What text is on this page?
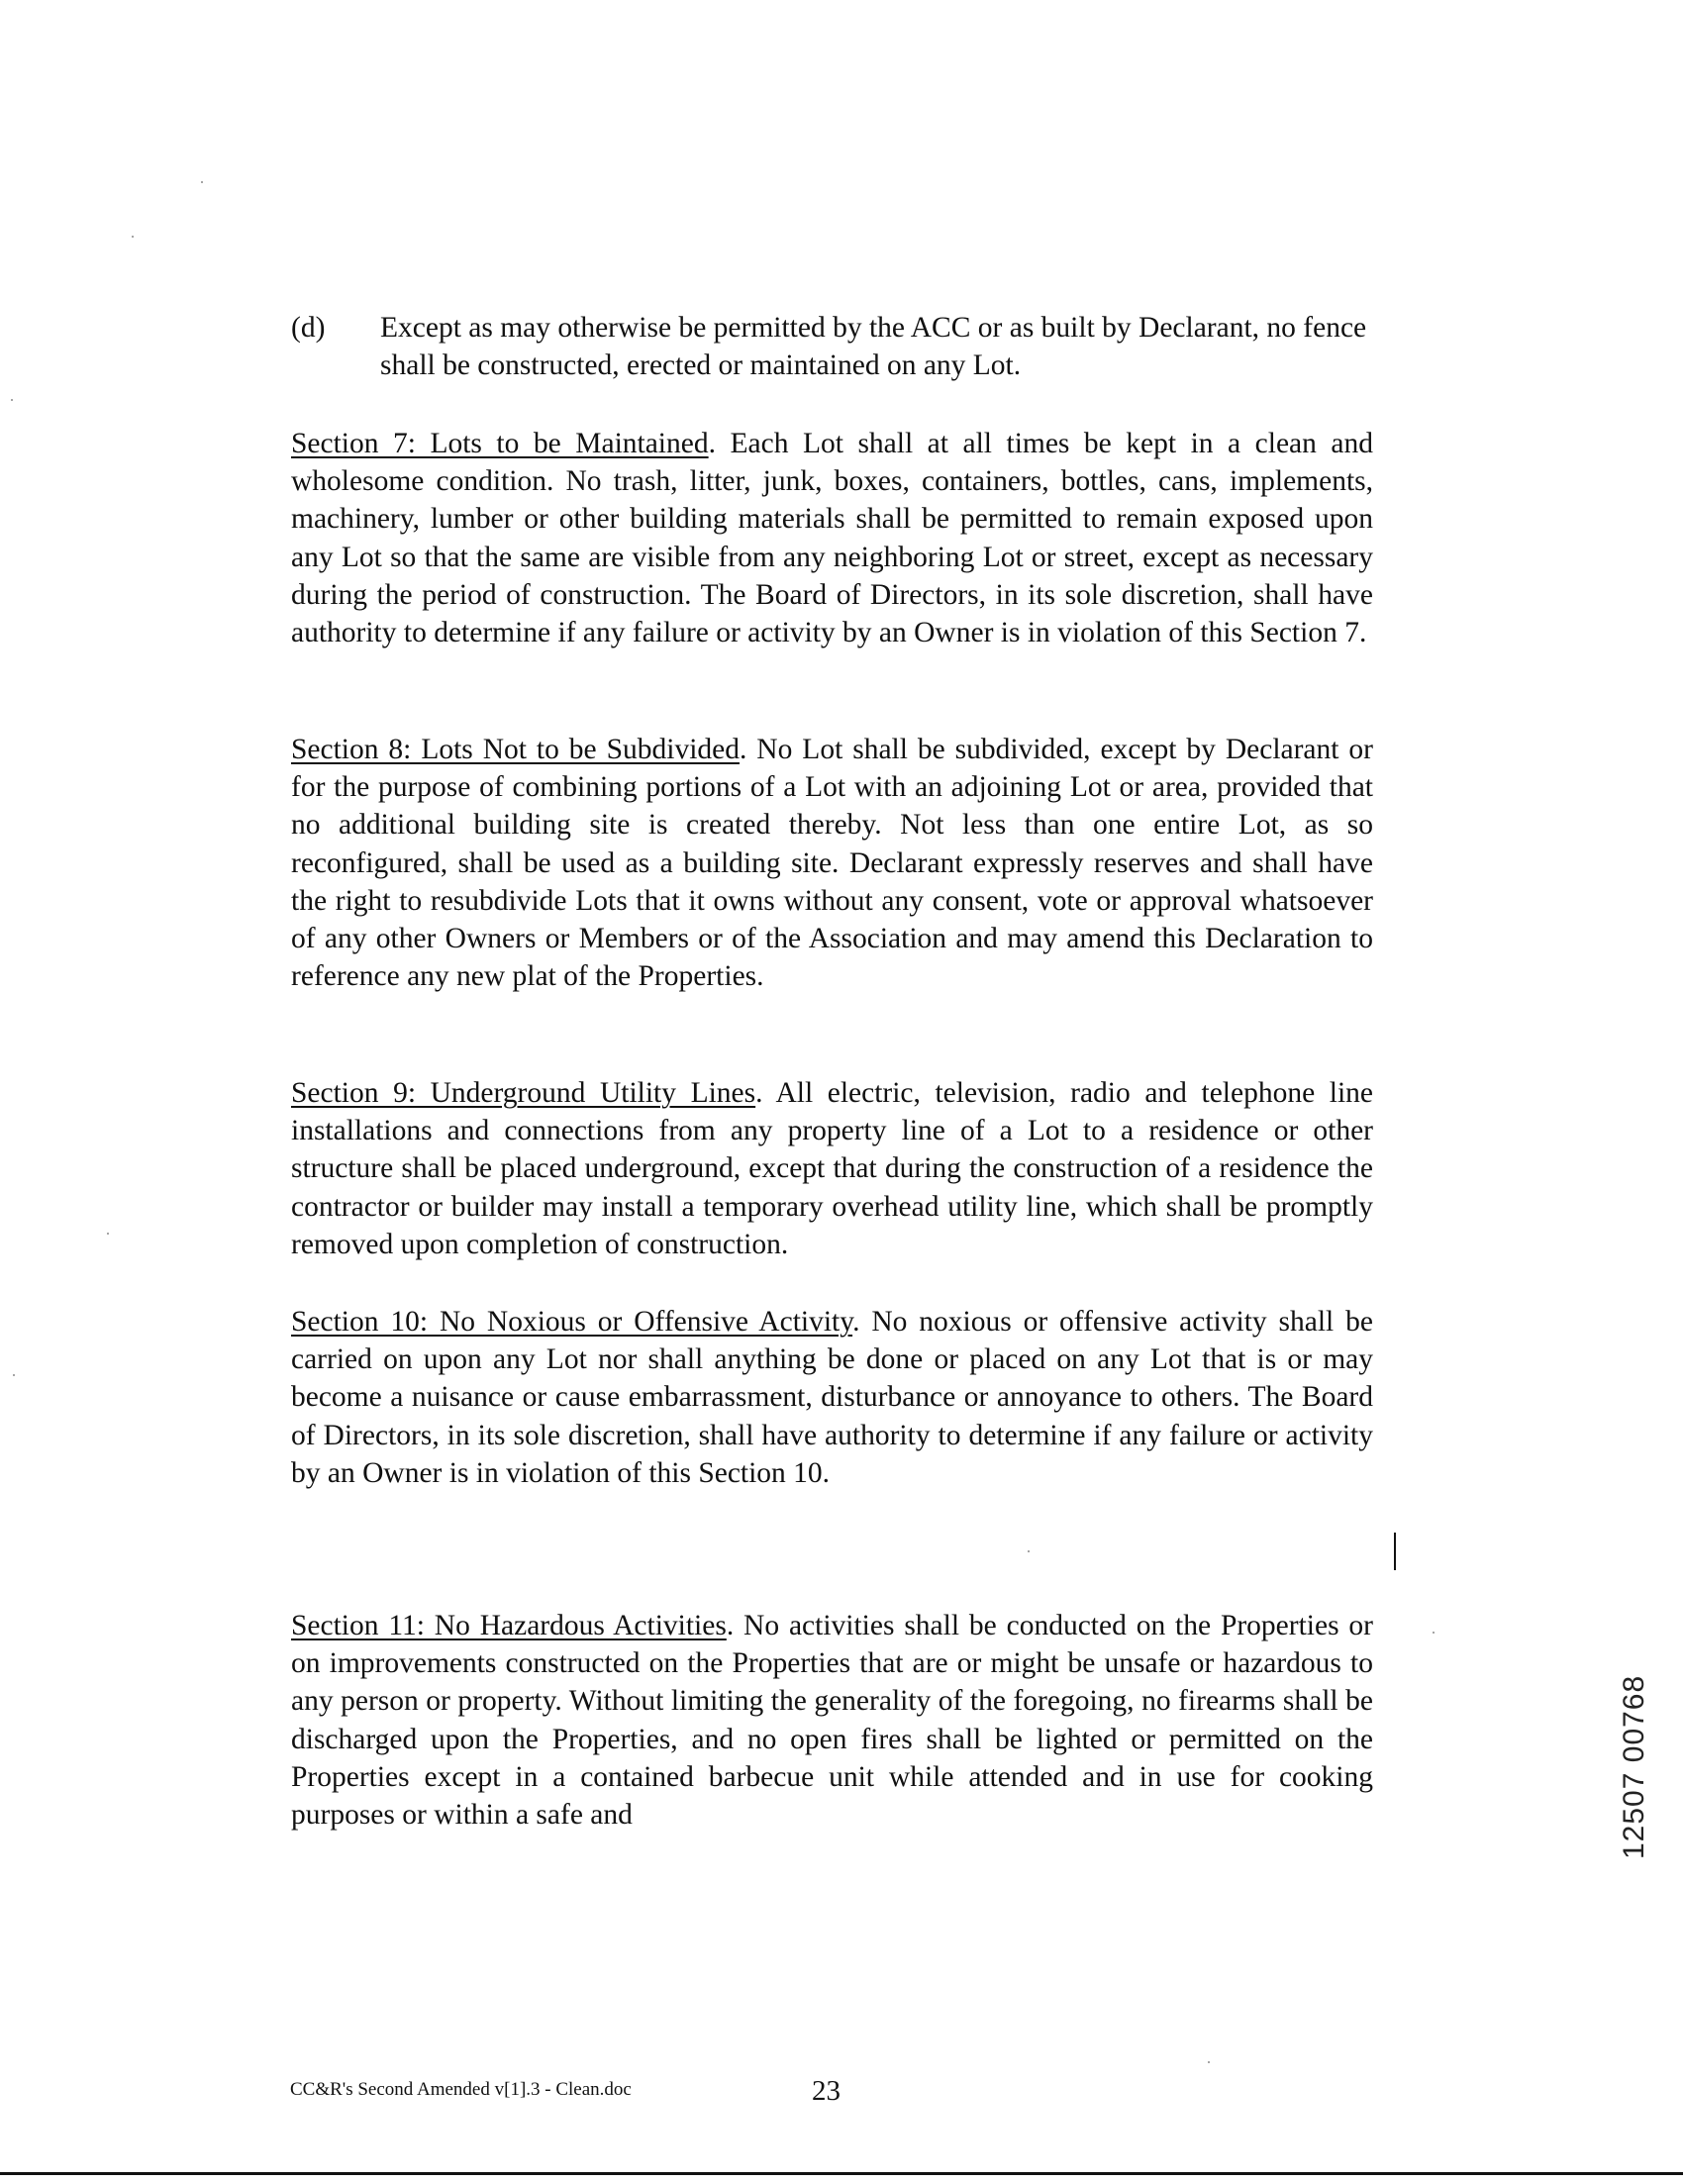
(d) Except as may otherwise be permitted by the ACC or as built by Declarant, no fence shall be constructed, erected or maintained on any Lot.

Section 7: Lots to be Maintained. Each Lot shall at all times be kept in a clean and wholesome condition. No trash, litter, junk, boxes, containers, bottles, cans, implements, machinery, lumber or other building materials shall be permitted to remain exposed upon any Lot so that the same are visible from any neighboring Lot or street, except as necessary during the period of construction. The Board of Directors, in its sole discretion, shall have authority to determine if any failure or activity by an Owner is in violation of this Section 7.

Section 8: Lots Not to be Subdivided. No Lot shall be subdivided, except by Declarant or for the purpose of combining portions of a Lot with an adjoining Lot or area, provided that no additional building site is created thereby. Not less than one entire Lot, as so reconfigured, shall be used as a building site. Declarant expressly reserves and shall have the right to resubdivide Lots that it owns without any consent, vote or approval whatsoever of any other Owners or Members or of the Association and may amend this Declaration to reference any new plat of the Properties.

Section 9: Underground Utility Lines. All electric, television, radio and telephone line installations and connections from any property line of a Lot to a residence or other structure shall be placed underground, except that during the construction of a residence the contractor or builder may install a temporary overhead utility line, which shall be promptly removed upon completion of construction.

Section 10: No Noxious or Offensive Activity. No noxious or offensive activity shall be carried on upon any Lot nor shall anything be done or placed on any Lot that is or may become a nuisance or cause embarrassment, disturbance or annoyance to others. The Board of Directors, in its sole discretion, shall have authority to determine if any failure or activity by an Owner is in violation of this Section 10.

Section 11: No Hazardous Activities. No activities shall be conducted on the Properties or on improvements constructed on the Properties that are or might be unsafe or hazardous to any person or property. Without limiting the generality of the foregoing, no firearms shall be discharged upon the Properties, and no open fires shall be lighted or permitted on the Properties except in a contained barbecue unit while attended and in use for cooking purposes or within a safe and	12507 00768
CC&R's Second Amended v[1].3 - Clean.doc	23
